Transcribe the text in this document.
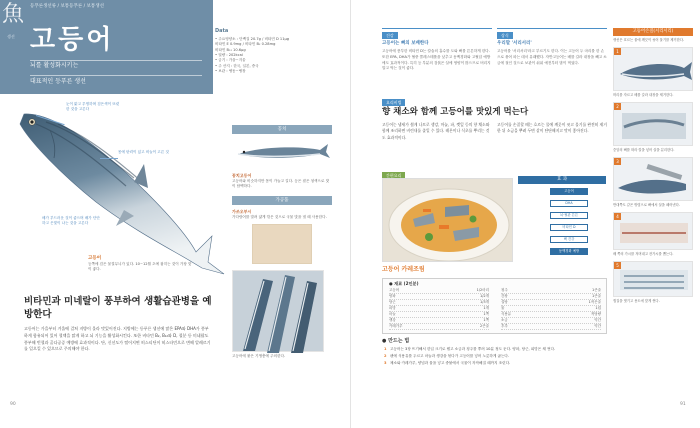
魚
생선
등푸른생선류 / 보통등푸른 / 보통생선
고등어
뇌를 활성화시키는
대표적인 등푸른 생선
Data
• 주요영양소 : 단백질 20.7g / 비타민 D 11μg
비타민 E 0.9mg / 비타민 B₂ 0.28mg
비타민 B₁₂ 10.6μg
• 열량 : 202kcal
• 금기 : 가을~겨울
• 주 산지 : 한국, 일본, 중국
• 보관 : 냉동~냉장
눈이 맑고 투명하며 검은색이 또렷한 것을 고른다
몸에 탄력이 있고 비늘이 고른 것
배가 부드러운 것이 좋으며 배가 단단하고 은빛이 나는 것을 고른다
고등어
등쪽에 검은 물결무늬가 있다. 10~12월 초에 잡히는 것이 가장 맛이 좋다.
꽁치
꽁치고등어
고등어와 비슷하지만 몸이 가늘고 길다. 등은 짙은 청색으로 맛이 담백하다.
가공품
가쓰오부시
가다랑어를 말려 얇게 깎은 것으로 국물 맛을 낼 때 사용한다.
고등어에 붙은 기생충에 주의한다.
비타민과 미네랄이 풍부하여 생활습관병을 예방한다
고등어는 가을부터 겨울에 걸쳐 지방이 올라 맛있어진다. 지방에는 등푸른 생선에 많은 EPA와 DHA가 풍부하게 함유되어 있어 혈액을 맑게 하고 뇌 기능을 활성화시킨다. 또한 비타민 B₂, B₁₂와 D, 철분 등 미네랄도 풍부해 빈혈과 골다공증 예방에 효과적이다. 단, 신선도가 떨어지면 히스티딘이 히스타민으로 변해 알레르기를 일으킬 수 있으므로 주의해야 한다.
90
건강
고등어는 뼈의 보배한다
고등어에 풍부한 비타민 D는 칼슘의 흡수를 도와 뼈를 튼튼하게 한다. 또한 EPA, DHA가 혈중 콜레스테롤을 낮추고 동맥경화와 고혈압 예방에도 효과적이다. 특히 등 부분의 검붉은 살에 영양이 많으므로 버리지 말고 먹는 것이 좋다.
상식
우리말 '서리서리'
고등어를 '서리서리'라고 부르기도 한다. 이는 고등어 두 마리를 한 손으로 묶어 파는 데서 유래했다. 자반고등어는 배를 갈라 내장을 빼고 소금에 절인 것으로 보관이 쉬워 예전부터 많이 먹었다.
요리비법
향 채소와 함께 고등어를 맛있게 먹는다
고등어는 냄새가 쉽게 나므로 생강, 마늘, 파, 깻잎 등의 향 채소와 함께 조리하면 비린내를 줄일 수 있다. 레몬이나 식초를 뿌리는 것도 효과적이다.
고등어를 손질할 때는 흐르는 물에 깨끗이 씻고 물기를 완전히 제거한 뒤 소금을 뿌려 두면 살이 단단해지고 맛이 좋아진다.
간편요리
효 과
고등어
DHA
뇌·혈관 튼튼
비타민 D
뼈 건강
동맥경화 예방
고등어 카레조림
● 재료 (2인분)
고등어	1/2마리
양파	1/2개
당근	1/3개
피망	1개
마늘	1쪽
생강	1쪽
카레가루	2큰술
청주	1큰술
간장	1큰술
설탕	1작은술
물	1컵
식용유	적당량
소금	약간
후추	약간
● 만드는 법
1 고등어는 3장 뜨기해서 한입 크기로 썰고 소금과 청주를 뿌려 10분 정도 둔다. 양파, 당근, 피망은 채 썬다.
2 팬에 식용유를 두르고 마늘과 생강을 볶다가 고등어를 넣어 노릇하게 굽는다.
3 채소와 카레가루, 양념과 물을 넣고 중불에서 국물이 자작해질 때까지 조린다.
고등어손질(서리서리)
생선은 흐르는 물에 깨끗이 씻어 물기를 제거한다.
1
머리를 자르고 배를 갈라 내장을 제거한다.
2
중앙의 뼈를 따라 칼을 넣어 살을 분리한다.
3
반대쪽도 같은 방법으로 뼈에서 살을 떼어낸다.
4
배 쪽의 가시를 저며내고 잔가시를 뽑는다.
5
껍질을 벗기고 용도에 맞게 썬다.
91
